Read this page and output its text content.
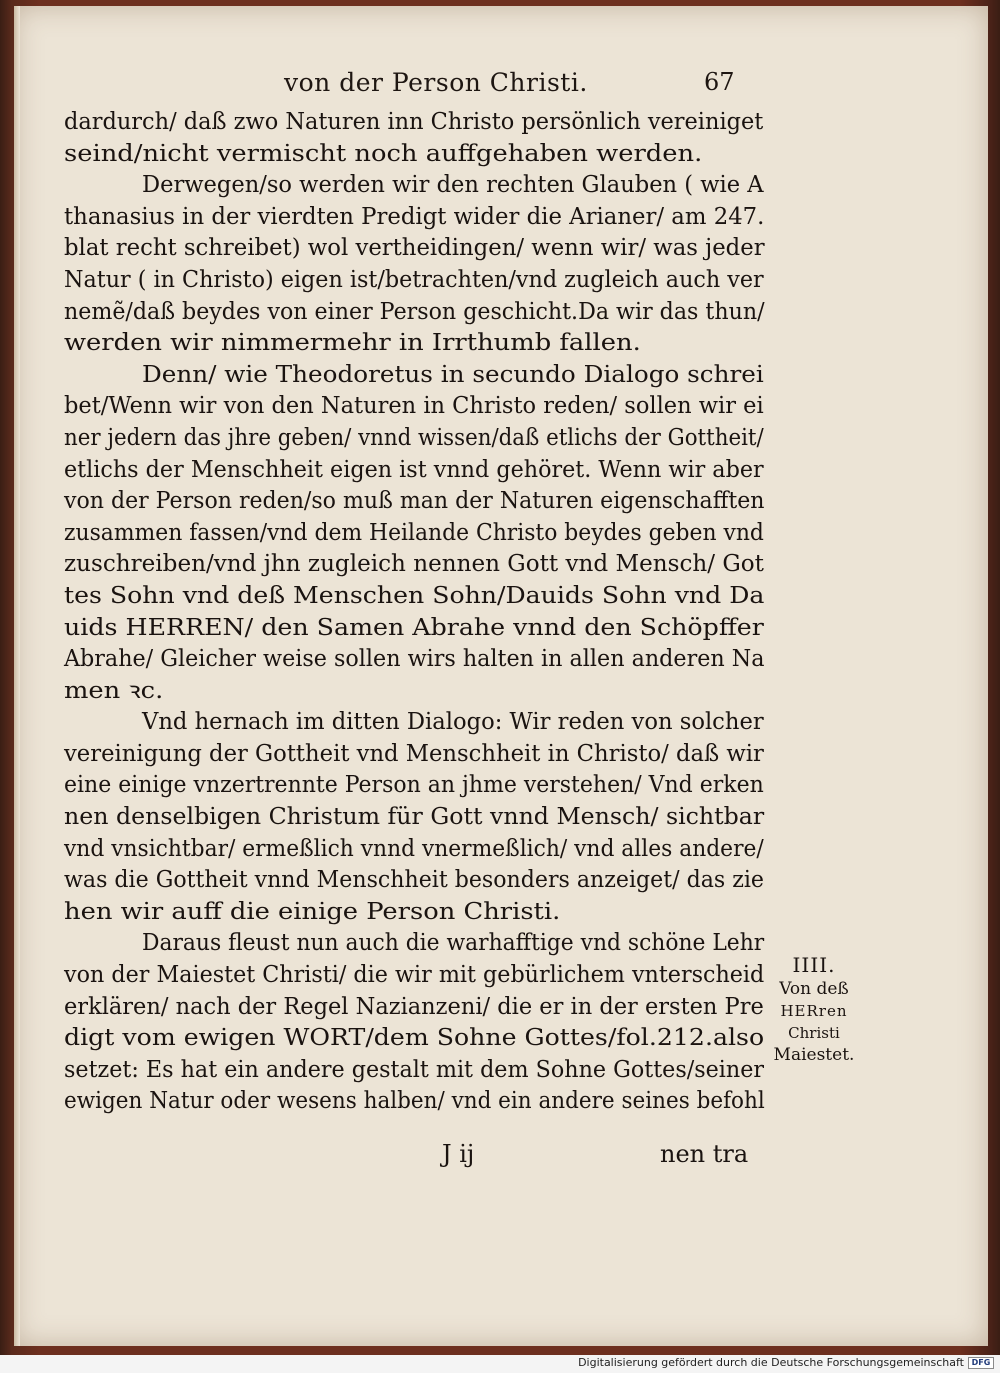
von der Person Christi.	67
dardurch/ daß zwo Naturen inn Christo persönlich vereiniget
seind/nicht vermischt noch auffgehaben werden.
Derwegen/so werden wir den rechten Glauben ( wie A
thanasius in der vierdten Predigt wider die Arianer/ am 247.
blat recht schreibet) wol vertheidingen/ wenn wir/ was jeder
Natur ( in Christo) eigen ist/betrachten/vnd zugleich auch ver
nemẽ/daß beydes von einer Person geschicht.Da wir das thun/
werden wir nimmermehr in Irrthumb fallen.
Denn/ wie Theodoretus in secundo Dialogo schrei
bet/Wenn wir von den Naturen in Christo reden/ sollen wir ei
ner jedern das jhre geben/ vnnd wissen/daß etlichs der Gottheit/
etlichs der Menschheit eigen ist vnnd gehöret. Wenn wir aber
von der Person reden/so muß man der Naturen eigenschafften
zusammen fassen/vnd dem Heilande Christo beydes geben vnd
zuschreiben/vnd jhn zugleich nennen Gott vnd Mensch/ Got
tes Sohn vnd deß Menschen Sohn/Dauids Sohn vnd Da
uids HERREN/ den Samen Abrahe vnnd den Schöpffer
Abrahe/ Gleicher weise sollen wirs halten in allen anderen Na
men ꝛc.
Vnd hernach im ditten Dialogo: Wir reden von solcher
vereinigung der Gottheit vnd Menschheit in Christo/ daß wir
eine einige vnzertrennte Person an jhme verstehen/ Vnd erken
nen denselbigen Christum für Gott vnnd Mensch/ sichtbar
vnd vnsichtbar/ ermeßlich vnnd vnermeßlich/ vnd alles andere/
was die Gottheit vnnd Menschheit besonders anzeiget/ das zie
hen wir auff die einige Person Christi.
Daraus fleust nun auch die warhafftige vnd schöne Lehr
von der Maiestet Christi/ die wir mit gebürlichem vnterscheid
erklären/ nach der Regel Nazianzeni/ die er in der ersten Pre
digt vom ewigen WORT/dem Sohne Gottes/fol.212.also
setzet: Es hat ein andere gestalt mit dem Sohne Gottes/seiner
ewigen Natur oder wesens halben/ vnd ein andere seines befohl
J ij	nen tra
IIII.
Von deß
HERren
Christi
Maiestet.
Digitalisierung gefördert durch die Deutsche Forschungsgemeinschaft DFG
